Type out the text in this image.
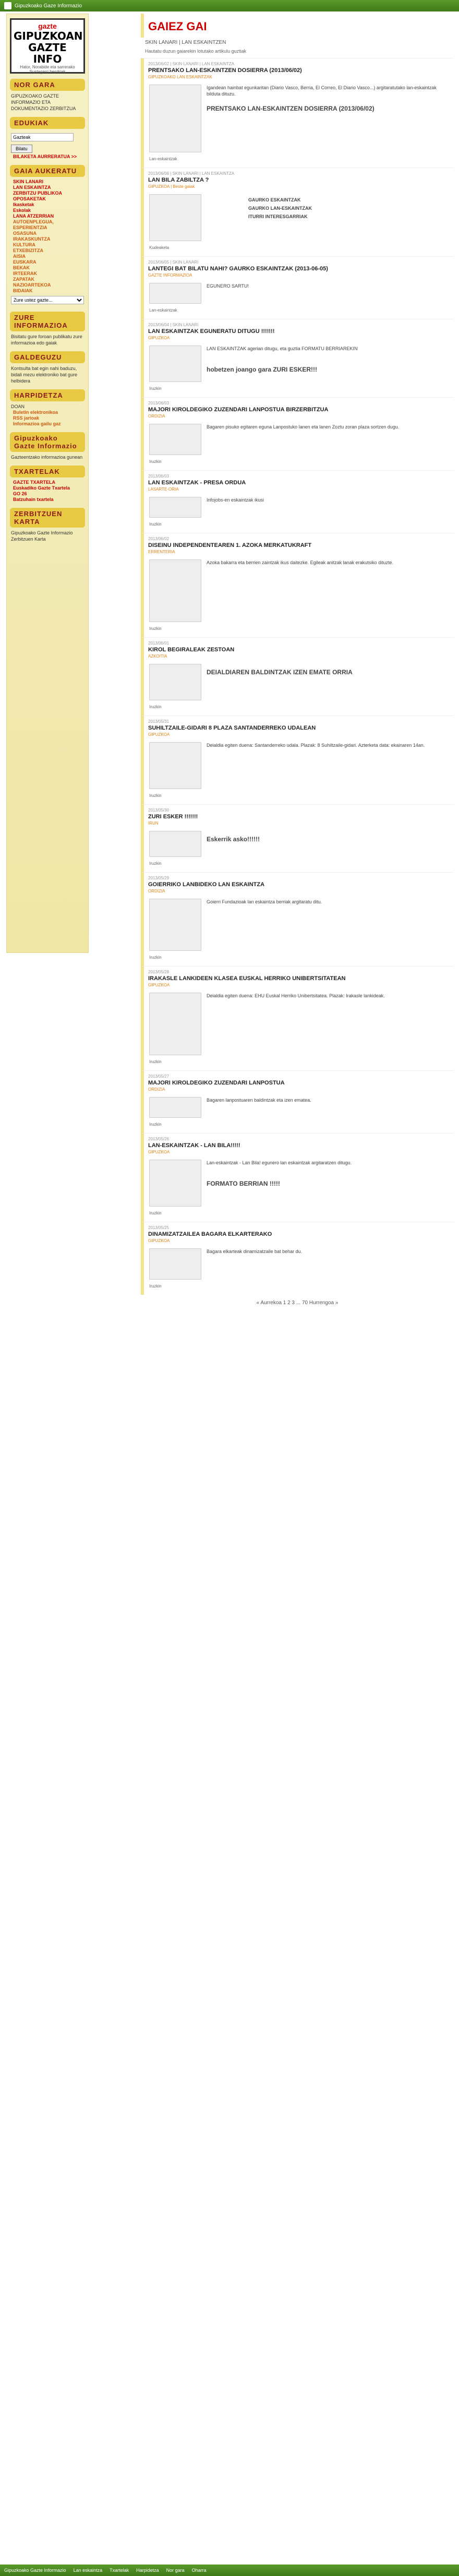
Gipuzkoako Gaze Informazio
gazte
GIPUZKOAN GAZTE INFO
Hator, Norabide eta sarrerako Sustagarri berrikiak
NOR GARA
GIPUZKOAKO GAZTE INFORMAZIO ETA DOKUMENTAZIO ZERBITZUA
EDUKIAK
Gazteak Bilatu
BILAKETA AURRERATUA >>
GAIA AUKERATU
SKIN LANARI
LAN ESKAINTZA
ZERBITZU PUBLIKOA
OPOSAKETAK
Ikasketak
Eskolak
LANA ATZERRIAN
AUTOENPLEGUA, ESPERIENTZIA
OSASUNA
IRAKASKUNTZA
KULTURA
ETXEBIZITZA
AISIA
EUSKARA
BEKAK
IRTEERAK
ZAPATAK
NAZIOARTEKOA
BIDAIAK
Zure ustez gazte...
ZURE INFORMAZIOA
Bisitatu gure foroan publikatu zure informazioa edo gaiak
GALDEGUZU
Kontsulta bat egin nahi baduzu, bidali mezu elektroniko bat gure helbidera
HARPIDETZA
DOAN
Buletin elektronikoa
RSS jarioak
Informazioa gailu gaz
Gipuzkoako Gazte Informazio
Gazteentzako informazioa gunean
TXARTELAK
GAZTE TXARTELA
Euskadiko Gazte Txartela
GO 26
Batzuhain txartela
ZERBITZUEN KARTA
Gipuzkoako Gazte Informazio Zerbitzuen Karta
GAIEZ GAI
SKIN LANARI | LAN ESKAINTZEN
Hautatu duzun gaiarekin lotutako artikulu guztiak
2013/06/02 | SKIN LANARI | LAN ESKAINTZA
PRENTSAKO LAN-ESKAINTZEN DOSIERRA (2013/06/02)
GIPUZKOAKO LAN ESKAINTZAK
Igandean hainbat egunkaritan (Diario Vasco, Berria, El Correo, El Diario Vasco...) argitaratutako lan-eskaintzak bilduta dituzu.
PRENTSAKO LAN-ESKAINTZEN DOSIERRA (2013/06/02)
Lan-eskaintzak
2013/06/06 | SKIN LANARI | LAN ESKAINTZA
LAN BILA ZABILTZA ?
GIPUZKOA | Beste gaiak
GAURKO ESKAINTZAK
GAURKO LAN-ESKAINTZAK
ITURRI INTERESGARRIAK
Kudeaketa
2013/06/05 | SKIN LANARI
LANTEGI BAT BILATU NAHI? GAURKO ESKAINTZAK (2013-06-05)
GAZTE INFORMAZIOA
EGUNERO SARTU!
Lan-eskaintzak
2013/06/04 | SKIN LANARI
LAN ESKAINTZAK EGUNERATU DITUGU !!!!!!!
GIPUZKOA
LAN ESKAINTZAK agerian ditugu, eta guztia FORMATU BERRIAREKIN
hobetzen joango gara ZURI ESKER!!!
Iruzkin
2013/06/03
MAJORI KIROLDEGIKO ZUZENDARI LANPOSTUA BIRZERBITZUA
ORDIZIA
Bagaren pisuko egitaren eguna Lanpostuko lanen eta lanen Zoztu zoran plaza sortzen dugu.
Iruzkin
2013/06/03
LAN ESKAINTZAK - PRESA ORDUA
LASARTE-ORIA
Infojobs-en eskaintzak ikusi
Iruzkin
2013/06/02
DISEINU INDEPENDENTEAREN 1. AZOKA MERKATUKRAFT
ERRENTERIA
Azoka bakarra eta berrien zaintzak ikus daitezke. Egileak anitzak lanak erakutsiko dituzte.
Iruzkin
2013/06/01
KIROL BEGIRALEAK ZESTOAN
AZKOITIA
DEIALDIAREN BALDINTZAK IZEN EMATE ORRIA
Iruzkin
2013/05/31
SUHILTZAILE-GIDARI 8 PLAZA SANTANDERREKO UDALEAN
GIPUZKOA
Deialdia egiten duena: Santanderreko udala. Plazak: 8 Suhiltzaile-gidari. Azterketa data: ekainaren 14an.
Iruzkin
2013/05/30
ZURI ESKER !!!!!!!
IRUN
Eskerrik asko!!!!!!
Iruzkin
2013/05/29
GOIERRIKO LANBIDEKO LAN ESKAINTZA
ORDIZIA
Goierri Fundazioak lan eskaintza berriak argitaratu ditu.
Iruzkin
2013/05/28
IRAKASLE LANKIDEEN KLASEA EUSKAL HERRIKO UNIBERTSITATEAN
GIPUZKOA
Deialdia egiten duena: EHU Euskal Herriko Unibertsitatea. Plazak: Irakasle lankideak.
Iruzkin
2013/05/27
MAJORI KIROLDEGIKO ZUZENDARI LANPOSTUA
ORDIZIA
Bagaren lanpostuaren baldintzak eta izen ematea.
Iruzkin
2013/05/26
LAN-ESKAINTZAK - LAN BILA!!!!!
GIPUZKOA
Lan-eskaintzak - Lan Bila! egunero lan eskaintzak argitaratzen ditugu.
FORMATO BERRIAN !!!!!
Iruzkin
2013/05/25
DINAMIZATZAILEA BAGARA ELKARTERAKO
GIPUZKOA
Bagara elkarteak dinamizatzaile bat behar du.
Iruzkin
« Aurrekoa 1 2 3 ... 70 Hurrengoa »
Gipuzkoako Gazte Informazio Lan eskaintza Txartelak Harpidetza Nor gara Oharra
